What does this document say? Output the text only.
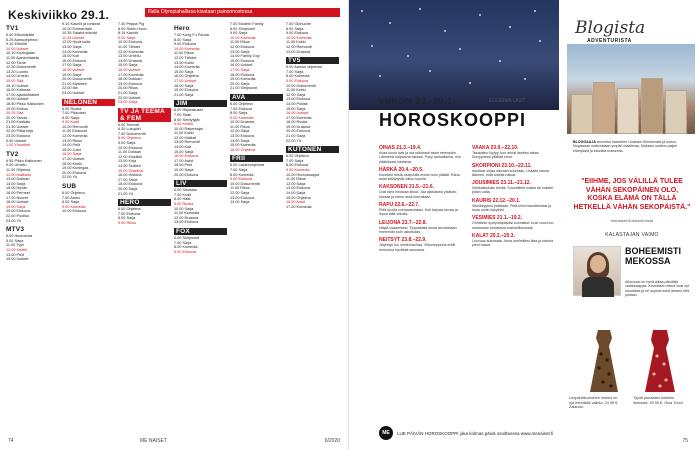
Keskiviikko 29.1.	Illalla Olympiahallissa kisataan painonnostossa
TV1
6.00 Erikoisleikki
6.25 Aamuohjelma
9.10 Ehtoillä
10.00 Uutiset
10.10 Kuningatar
11.00 Ajankohtaista
12.00 Tiede
12.30 Dokumentti
13.20 Luonto
14.00 Urheilu
15.00 Sää
15.10 Uutiset
16.00 Kotimaa
17.00 Ajankohtaiset
18.00 Uutiset
18.40 Pikku Kakkonen
19.00 Elokuu
19.25 Sää
20.00 Taivas
21.00 Kotikatu
21.30 Uutiset
22.00 Pitkä kirja
23.00 Elokuva
0.40 Uutiset
1.00 Yöuutiset
TV2
6.55 Pikku Kakkonen
9.00 Urheilu
11.00 Ohjelma
12.00 Matkailu
13.00 Dokkari
14.00 Sarja
15.00 Hyvän
16.00 Perheet
17.00 Nuoret
18.00 Uutiset
19.00 Sarja
20.00 Elokuva
22.00 Puoliso
23.00 Yö
MTV3
6.00 Huomenta
9.00 Sarja
11.00 Tyyli
12.00 Keittiö
13.00 Pelit
15.00 Uutiset
9.10 Kauniit ja rohkeat
10.00 Emmerdale
10.35 Salatut elämät
11.30 Uutiset
12.00 Hyvä kulta
13.00 Sarja
14.00 Komedia
15.00 Koti
16.00 Elokuva
17.00 Sarja
18.00 Uutiset
19.00 Sarja
20.00 Dokumentti
21.00 Mysteeri
22.00 Ilta
23.00 Uutiset
NELONEN
6.00 Ruoka
7.00 Pikkuiset
8.00 Sarja
9.00 Kodit
10.00 Remontti
11.00 Elokuvat
12.00 Komedia
13.00 Rikos
14.00 Pelit
15.00 Jutut
16.00 Sarja
17.00 Uutiset
18.00 Kokki
19.00 Kuningas
20.00 Elokuva
22.00 Yö
SUB
6.00 Ohjelma
7.00 Aamu
8.00 Sarja
9.00 Komedia
10.00 Elokuva
7.40 Peppa Pig
8.00 Robin Hood
8.15 Kauniit
9.00 Sarja
10.00 Elokuva
11.00 Tähdet
12.00 Komedia
13.00 Urheilu
14.00 Draama
15.00 Sarja
16.00 Uutiset
17.00 Komedia
18.00 Dokkari
19.00 Elokuva
20.00 Rikos
21.00 Sarja
22.00 Uutiset
23.00 Sarja
TV JA TEEMA & FEM
6.00 Teemat
6.30 Lukupiiri
7.00 Dokumentti
8.00 Ohjelma
9.00 Sarja
10.00 Elokuva
11.00 Dokkari
12.00 Musiikki
13.00 Kirja
14.00 Teatteri
15.00 Ohjelma
16.00 Historia
17.00 Taide
18.00 Elokuva
20.00 Sarja
21.00 Yö
HERO
6.00 Ohjelma
7.00 Elokuva
8.00 Sarja
9.00 Rikos
Hero
7.00 Kung Fu Panda
8.00 Sarja
9.00 Elokuva
10.00 Komedia
11.00 Rikos
12.00 Tähdet
13.00 Kokki
14.00 Komedia
15.00 Sarja
16.00 Ohjelma
17.00 Uutiset
18.00 Sarja
19.00 Elokuva
21.00 Sarja
JIM
6.00 Hopeakuset
7.00 Saari
8.00 Selviytyjät
9.00 Keittiö
10.00 Rakentajat
11.00 Kokki
12.00 Matkat
13.00 Remontti
14.00 Koti
15.00 Sarja
16.00 Elokuva
17.00 Autot
18.00 Pelit
19.00 Sarja
20.00 Elokuva
LIV
6.00 Sisustus
7.00 Kodit
8.00 Häät
9.00 Ruoka
10.00 Sarja
11.00 Komedia
12.00 Draama
13.00 Elokuva
FOX
6.00 Simpsonit
7.00 Sarja
8.00 Komedia
9.00 Elokuva
7.00 Modern Family
8.00 Simpsonit
9.00 Sarja
10.00 Komedia
11.00 Rikos
12.00 Elokuva
13.00 Sarja
14.00 Family Guy
15.00 Elokuva
16.00 Uutiset
17.00 Sarja
18.00 Elokuva
19.00 Komedia
20.00 Sarja
21.00 Simpsonit
AVA
6.00 Ohjelma
7.00 Elokuva
8.00 Sarja
9.00 Komedia
10.00 Draama
11.00 Rikos
12.00 Sarja
13.00 Elokuva
14.00 Sarja
15.00 Komedia
16.00 Ohjelma
FRII
6.00 Lastenohjelmat
7.00 Sarja
8.00 Komedia
9.00 Elokuva
10.00 Dokumentti
11.00 Rikos
12.00 Sarja
13.00 Elokuva
14.00 Sarja
7.00 Olohuone
8.00 Sarja
9.00 Elokuva
10.00 Komedia
11.00 Kokki
12.00 Remontti
13.00 Draama
TV5
6.00 Aamun ohjelmat
7.00 Sarja
8.00 Komedia
9.00 Elokuva
10.00 Dokumentti
11.00 Kokki
12.00 Sarja
13.00 Elokuva
14.00 Poliisit
15.00 Sarja
16.00 Uutiset
17.00 Komedia
18.00 Ruoka
19.00 Draama
20.00 Elokuva
21.00 Sarja
22.00 Yö
KUTONEN
6.00 Ohjelma
7.00 Sarja
8.00 Elokuva
9.00 Komedia
10.00 Huutokauppa
11.00 Rikos
12.00 Sarja
13.00 Elokuva
14.00 Sarja
15.00 Ohjelma
16.00 Autot
17.00 Komedia
74	ME NAISET	6/2020
VIIKON 23.-29.1.	EUGENIA LAST
HOROSKOOPPI
OINAS 21.3.–19.4.
Avaa uusia ovia ja ota rohkeasti askel eteenpäin. Läheisesi kaipaavat tukeasi. Pysy rauhallisena, niin päätöksesi kantavat.
HÄRKÄ 20.4.–20.5.
Kuuntele toista osapuolta ennen kuin päätät. Raha-asiat selkiytyvät viikon lopulla.
KAKSONEN 21.5.–21.6.
Uusi idea innostaa sinua. Jaa ajatuksesi ystävän kanssa ja etene askel kerrallaan.
RAPU 22.6.–22.7.
Pidä huolta voimavaroistasi. Koti tarjoaa turvaa ja lepoa tällä viikolla.
LEIJONA 23.7.–22.8.
Näytä osaamisesi. Työpaikalla sinua arvostetaan enemmän kuin uskotkaan.
NEITSYT 23.8.–22.9.
Järjestys tuo mielenrauhaa. Viikonloppuna ehdit rentoutua hyvässä seurassa.
VAAKA 23.9.–22.10.
Tasapaino löytyy, kun annat itsellesi aikaa. Kumppanisi yllättää sinut.
SKORPIONI 23.10.–22.11.
Intuitiosi ohjaa oikeaan suuntaan. Uskalla sanoa ääneen, mitä todella haluat.
JOUSIMIES 23.11.–21.12.
Seikkailunhalu herää. Suunnittele matka tai kokeile jotain uutta.
KAURIS 22.12.–20.1.
Sinnikkyytesi palkitaan. Pidä kiinni tavoitteistasi ja luota omiin kykyihisi.
VESIMIES 21.1.–19.2.
Onnittelut syntymäpäiväsi kunniaksi! Uusi vuosi tuo mukanaan innostavia mahdollisuuksia.
KALAT 20.2.–20.3.
Luovuus kukoistaa. Anna unelmillesi tilaa ja toteuta pieni haave.
ME	LUE PÄIVÄN HOROSKOOPPI joka kolmas päivä osoitteessa www.menaiset.fi
Blogista
ADVENTURISTA
BLOGGAAJA Annukka haaveilee Uudesta-Seelannista ja kertoo blogissaan matkoistaan ympäri maailmaa. Mukaan mahtuu paljon elämyksiä ja kauniita maisemia.
"EIIHME, JOS VÄLILLÄ TULEE VÄHÄN SEKOPÄINEN OLO, KOSKA ELÄMÄ ON TÄLLÄ HETKELLÄ VÄHÄN SEKOPÄISTÄ."
menaiset.fi/adventurista
KALASTAJAN VAIMO
BOHEEMISTI MEKOSSA
Alkuvuosi on hyvä aikaa päivittää vaatekaappia. Kuviolliset mekot ovat nyt muodissa ja ne sopivat sekä arkeen että juhlaan.
Leopardikuvioinen mekko on nyt trendikäs valinta. 24,99 €, Zalando.
Tyyliä punaisten kukkien mekosta. 39,90 €, Gina Tricot.
75
